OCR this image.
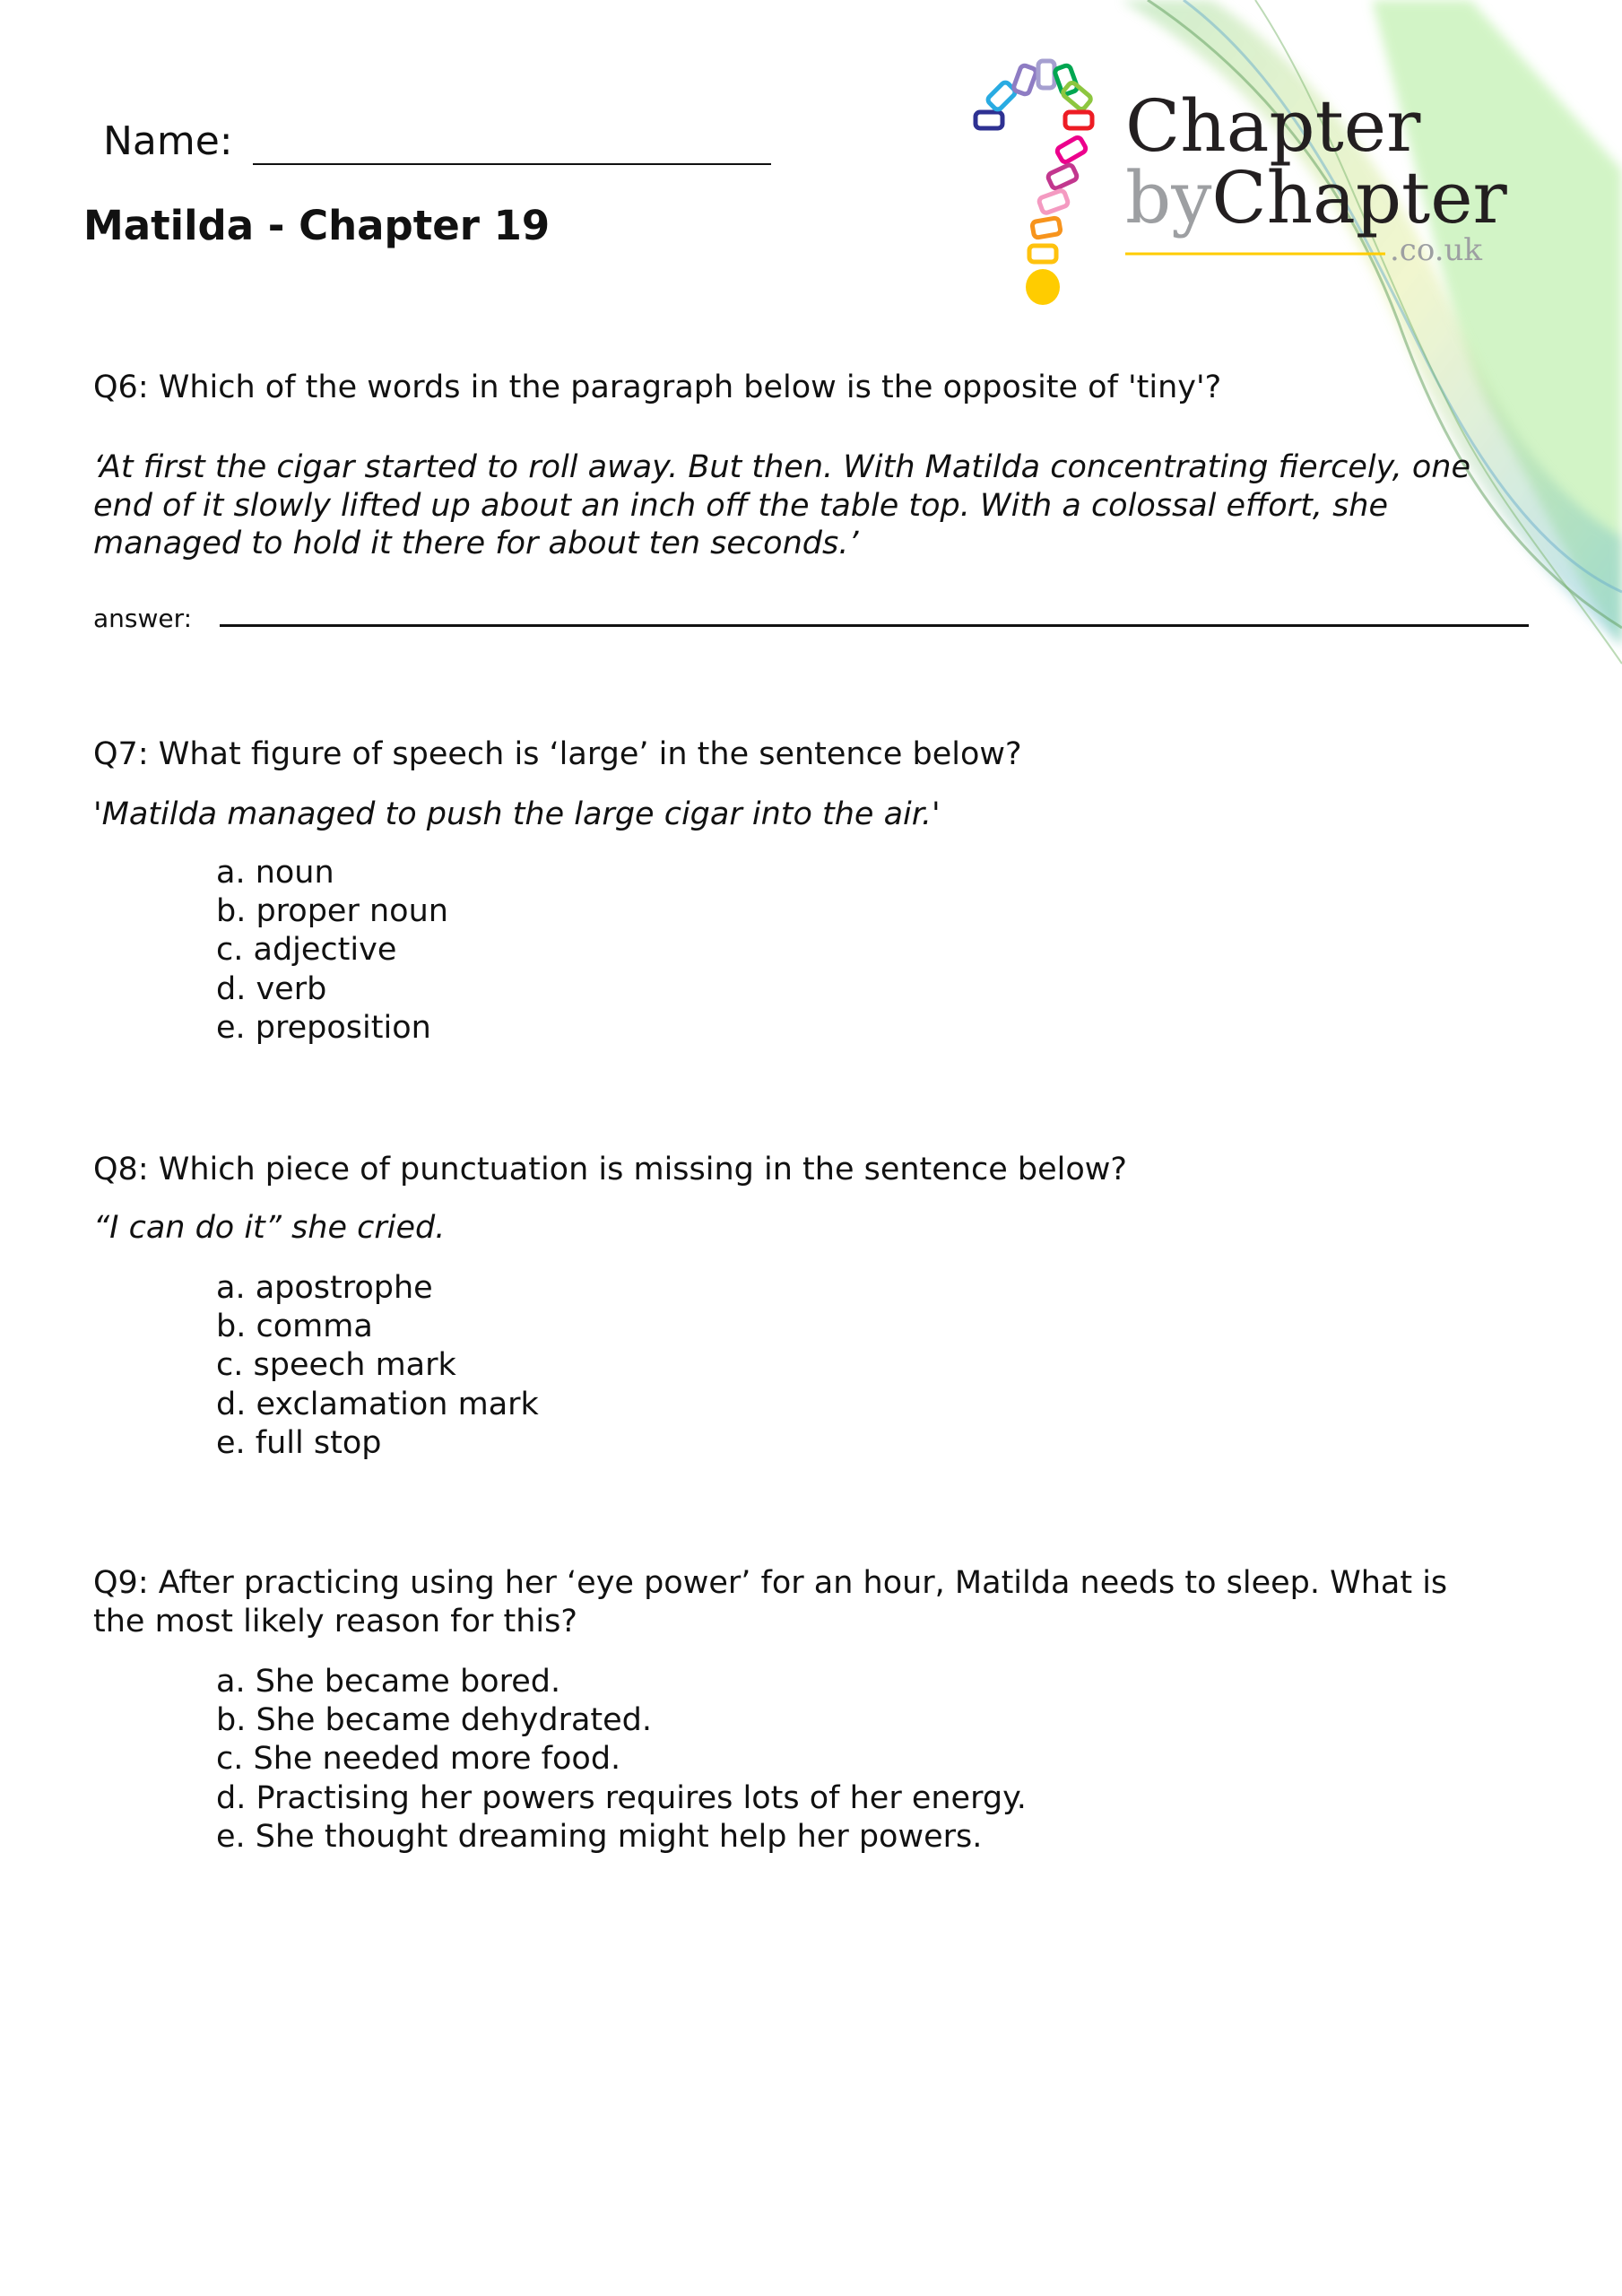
Chapter
byChapter
.co.uk
Name:
Matilda - Chapter 19
Q6: Which of the words in the paragraph below is the opposite of 'tiny'?
‘At first the cigar started to roll away. But then. With Matilda concentrating fiercely, one
end of it slowly lifted up about an inch off the table top. With a colossal effort, she
managed to hold it there for about ten seconds.’
answer:
Q7: What figure of speech is ‘large’ in the sentence below?
'Matilda managed to push the large cigar into the air.'
a. noun
b. proper noun
c. adjective
d. verb
e. preposition
Q8: Which piece of punctuation is missing in the sentence below?
“I can do it” she cried.
a. apostrophe
b. comma
c. speech mark
d. exclamation mark
e. full stop
Q9: After practicing using her ‘eye power’ for an hour, Matilda needs to sleep. What is
the most likely reason for this?
a. She became bored.
b. She became dehydrated.
c. She needed more food.
d. Practising her powers requires lots of her energy.
e. She thought dreaming might help her powers.
